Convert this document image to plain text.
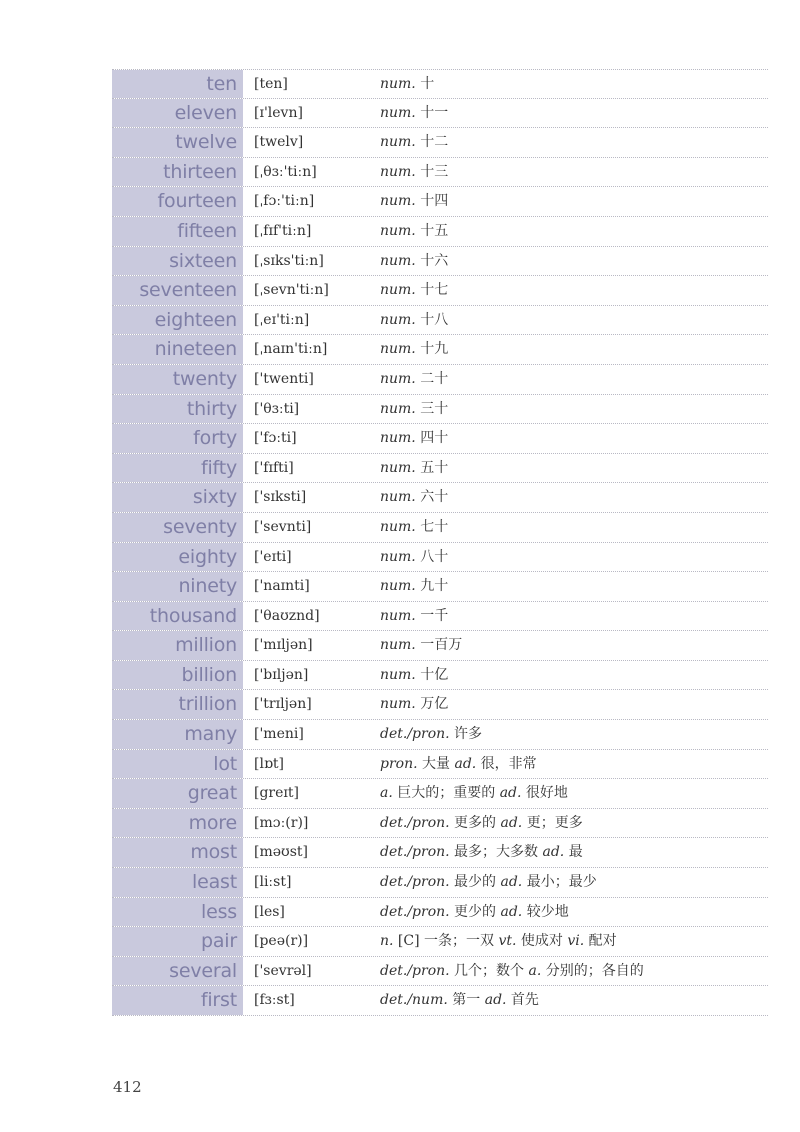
ten	[ten]	num. 十
eleven	[ɪ'levn]	num. 十一
twelve	[twelv]	num. 十二
thirteen	[ˌθɜː'tiːn]	num. 十三
fourteen	[ˌfɔː'tiːn]	num. 十四
fifteen	[ˌfɪf'tiːn]	num. 十五
sixteen	[ˌsɪks'tiːn]	num. 十六
seventeen	[ˌsevn'tiːn]	num. 十七
eighteen	[ˌeɪ'tiːn]	num. 十八
nineteen	[ˌnaɪn'tiːn]	num. 十九
twenty	['twenti]	num. 二十
thirty	['θɜːti]	num. 三十
forty	['fɔːti]	num. 四十
fifty	['fɪfti]	num. 五十
sixty	['sɪksti]	num. 六十
seventy	['sevnti]	num. 七十
eighty	['eɪti]	num. 八十
ninety	['naɪnti]	num. 九十
thousand	['θaʊznd]	num. 一千
million	['mɪljən]	num. 一百万
billion	['bɪljən]	num. 十亿
trillion	['trɪljən]	num. 万亿
many	['meni]	det./pron. 许多
lot	[lɒt]	pron. 大量 ad. 很，非常
great	[greɪt]	a. 巨大的；重要的 ad. 很好地
more	[mɔː(r)]	det./pron. 更多的 ad. 更；更多
most	[məʊst]	det./pron. 最多；大多数 ad. 最
least	[liːst]	det./pron. 最少的 ad. 最小；最少
less	[les]	det./pron. 更少的 ad. 较少地
pair	[peə(r)]	n. [C] 一条；一双 vt. 使成对 vi. 配对
several	['sevrəl]	det./pron. 几个；数个 a. 分别的；各自的
first	[fɜːst]	det./num. 第一 ad. 首先
412
